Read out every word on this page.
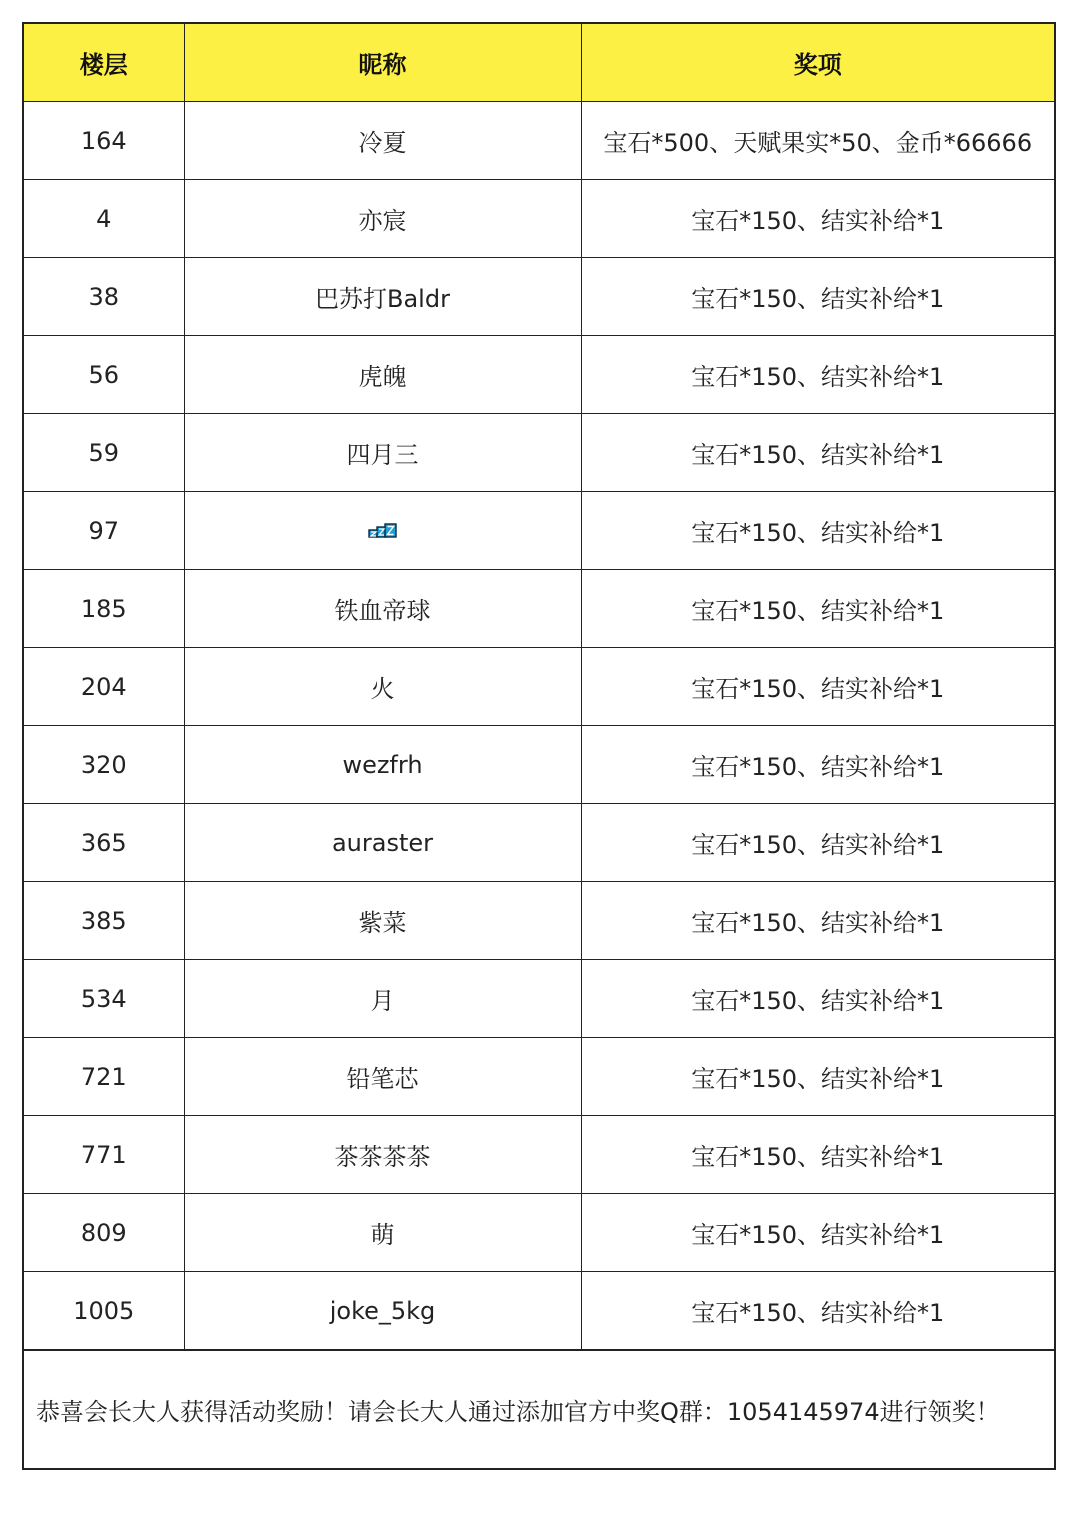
楼层	昵称	奖项
164	冷夏	宝石*500、天赋果实*50、金币*66666
4	亦宸	宝石*150、结实补给*1
38	巴苏打Baldr	宝石*150、结实补给*1
56	虎魄	宝石*150、结实补给*1
59	四月三	宝石*150、结实补给*1
97		宝石*150、结实补给*1
185	铁血帝球	宝石*150、结实补给*1
204	火	宝石*150、结实补给*1
320	wezfrh	宝石*150、结实补给*1
365	auraster	宝石*150、结实补给*1
385	紫菜	宝石*150、结实补给*1
534	月	宝石*150、结实补给*1
721	铅笔芯	宝石*150、结实补给*1
771	茶茶茶茶	宝石*150、结实补给*1
809	萌	宝石*150、结实补给*1
1005	joke_5kg	宝石*150、结实补给*1
恭喜会长大人获得活动奖励！请会长大人通过添加官方中奖Q群：1054145974进行领奖！
